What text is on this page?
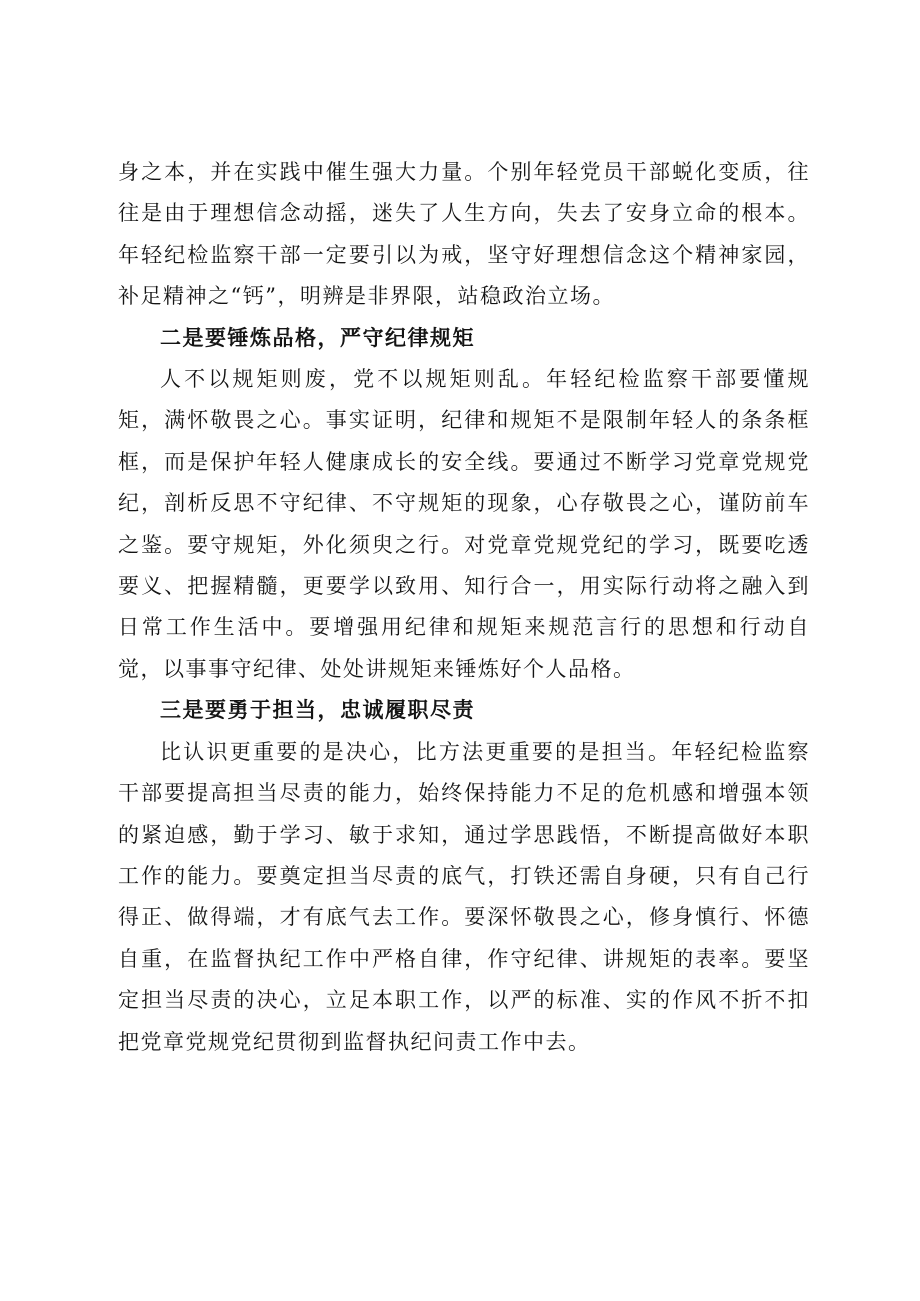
身之本，并在实践中催生强大力量。个别年轻党员干部蜕化变质，往往是由于理想信念动摇，迷失了人生方向，失去了安身立命的根本。年轻纪检监察干部一定要引以为戒，坚守好理想信念这个精神家园，补足精神之“钙”，明辨是非界限，站稳政治立场。

二是要锤炼品格，严守纪律规矩

人不以规矩则废，党不以规矩则乱。年轻纪检监察干部要懂规矩，满怀敬畏之心。事实证明，纪律和规矩不是限制年轻人的条条框框，而是保护年轻人健康成长的安全线。要通过不断学习党章党规党纪，剖析反思不守纪律、不守规矩的现象，心存敬畏之心，谨防前车之鉴。要守规矩，外化须臾之行。对党章党规党纪的学习，既要吃透要义、把握精髓，更要学以致用、知行合一，用实际行动将之融入到日常工作生活中。要增强用纪律和规矩来规范言行的思想和行动自觉，以事事守纪律、处处讲规矩来锤炼好个人品格。

三是要勇于担当，忠诚履职尽责

比认识更重要的是决心，比方法更重要的是担当。年轻纪检监察干部要提高担当尽责的能力，始终保持能力不足的危机感和增强本领的紧迫感，勤于学习、敏于求知，通过学思践悟，不断提高做好本职工作的能力。要奠定担当尽责的底气，打铁还需自身硬，只有自己行得正、做得端，才有底气去工作。要深怀敬畏之心，修身慎行、怀德自重，在监督执纪工作中严格自律，作守纪律、讲规矩的表率。要坚定担当尽责的决心，立足本职工作，以严的标准、实的作风不折不扣把党章党规党纪贯彻到监督执纪问责工作中去。
